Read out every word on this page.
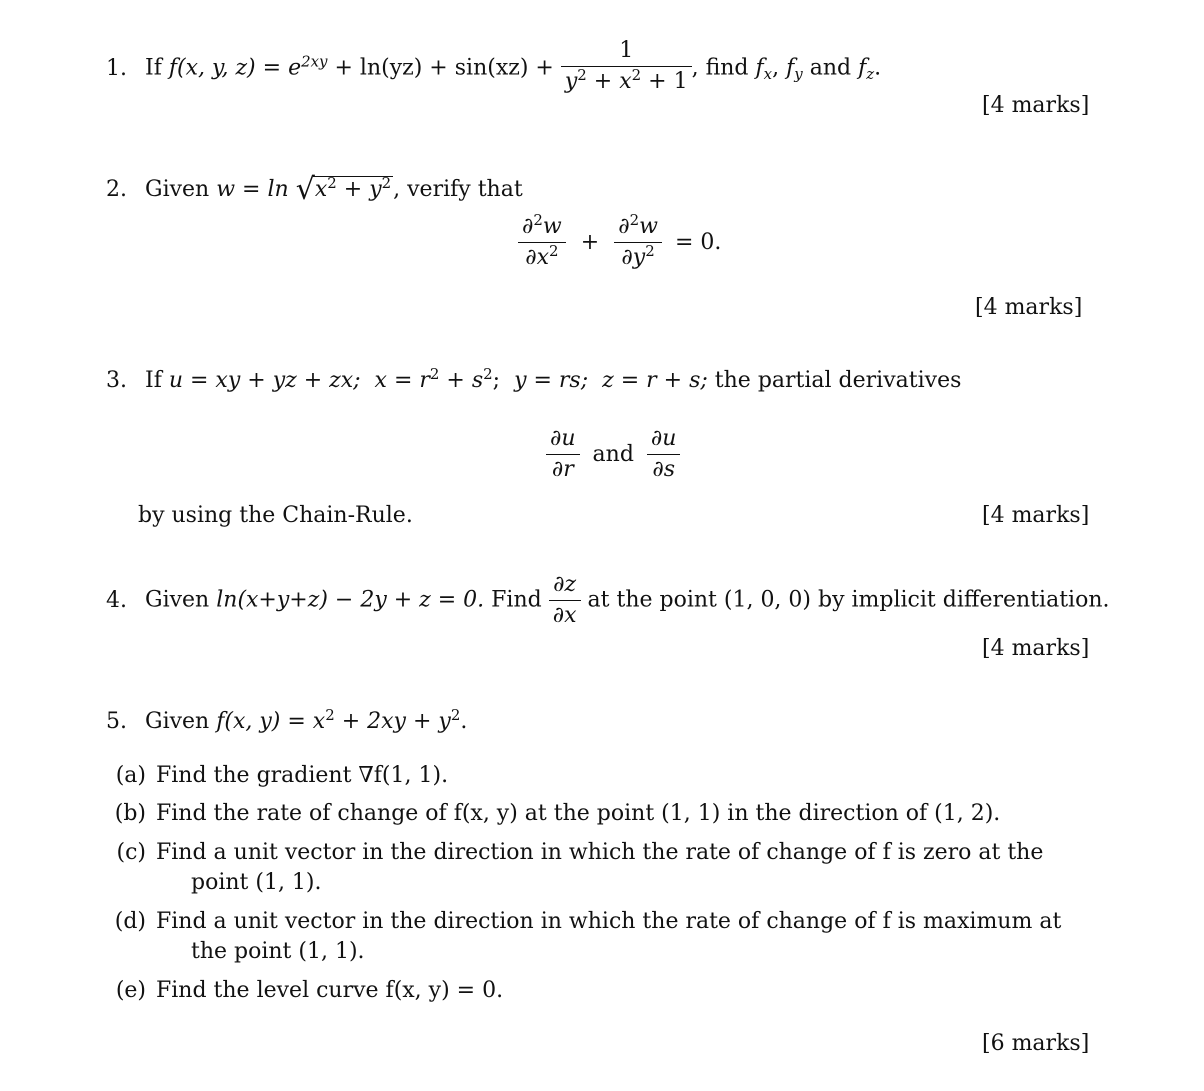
1. If f(x, y, $z) = e^{2xy} + \ln(yz) + \sin(xz) + \frac{1}{y^2 + x^2 + 1}$ , find $f_x$, $f_y$ and $f_z$.
[4 marks]
2. Given $w = \ln √x^2 + y^2$, verify that
$\frac{\partial^2w}{\partial x^2} + \frac{\partial^2w}{\partial y^2} = 0$.
[4 marks]
3. If u = xy + yz + zx; $x = r^2 + s^2$; y = rs; z = r + s; the partial derivatives
$\frac{\partial u}{\partial r}$ and $\frac{\partial u}{\partial s}$
by using the Chain-Rule.	[4 marks]
4. Given ln(x+y+z) − 2y + z = 0. Find $\frac{\partial z}{\partial x}$ at the point (1, 0, 0) by implicit differentiation.
[4 marks]
5. Given f(x, $y) = x^2 + 2xy + y^2$.
(a) Find the gradient ∇f(1, 1).
(b) Find the rate of change of f(x, y) at the point (1, 1) in the direction of (1, 2).
(c) Find a unit vector in the direction in which the rate of change of f is zero at the
point (1, 1).
(d) Find a unit vector in the direction in which the rate of change of f is maximum at
the point (1, 1).
(e) Find the level curve f(x, y) = 0.
[6 marks]
